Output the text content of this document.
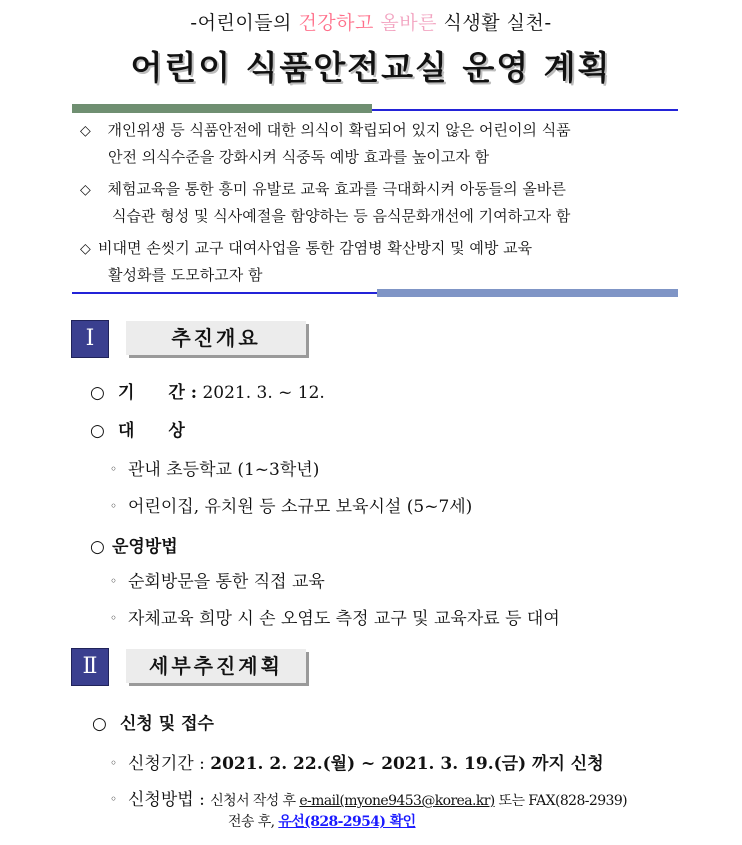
-어린이들의 건강하고 올바른 식생활 실천-
어린이 식품안전교실 운영 계획
◇ 개인위생 등 식품안전에 대한 의식이 확립되어 있지 않은 어린이의 식품
안전 의식수준을 강화시켜 식중독 예방 효과를 높이고자 함
◇ 체험교육을 통한 흥미 유발로 교육 효과를 극대화시켜 아동들의 올바른
식습관 형성 및 식사예절을 함양하는 등 음식문화개선에 기여하고자 함
◇ 비대면 손씻기 교구 대여사업을 통한 감염병 확산방지 및 예방 교육
활성화를 도모하고자 함
Ⅰ	추진개요
○ 기　　간 : 2021. 3. ~ 12.
○ 대　　상
◦ 관내 초등학교 (1~3학년)
◦ 어린이집, 유치원 등 소규모 보육시설 (5~7세)
○ 운영방법
◦ 순회방문을 통한 직접 교육
◦ 자체교육 희망 시 손 오염도 측정 교구 및 교육자료 등 대여
Ⅱ	세부추진계획
○ 신청 및 접수
◦ 신청기간 : 2021. 2. 22.(월) ~ 2021. 3. 19.(금) 까지 신청
◦ 신청방법 : 신청서 작성 후 e-mail(myone9453@korea.kr) 또는 FAX(828-2939)
전송 후, 유선(828-2954) 확인
